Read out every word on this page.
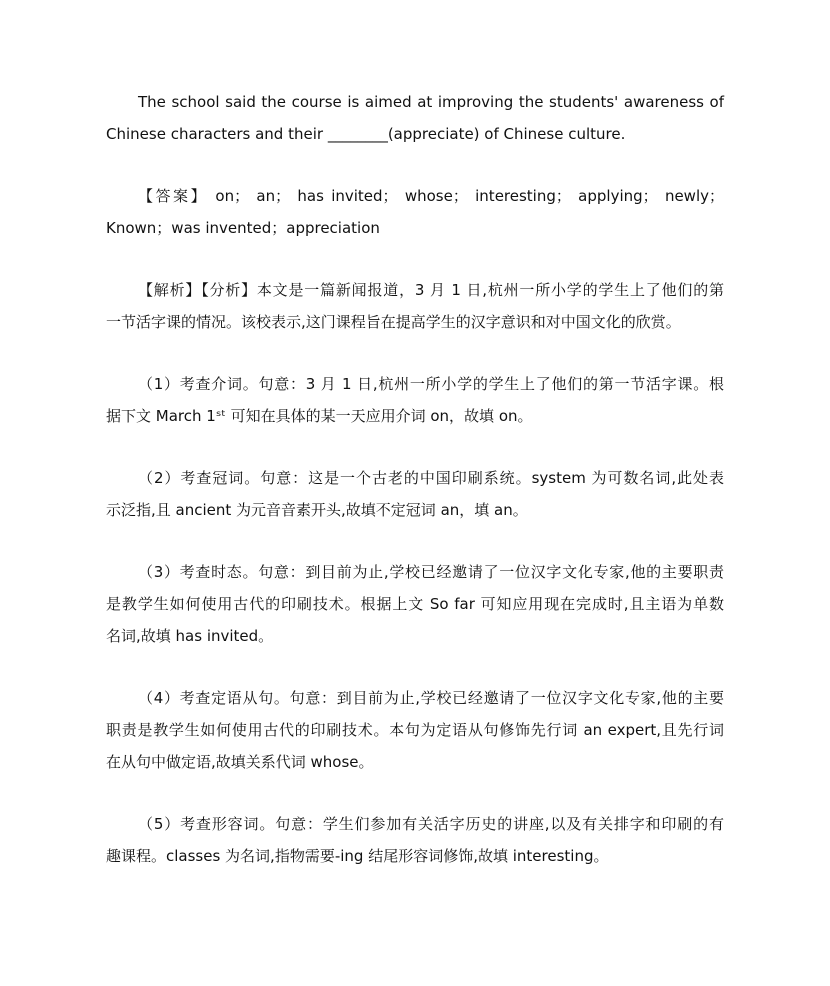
The school said the course is aimed at improving the students' awareness of
Chinese characters and their ________(appreciate) of Chinese culture.
【答案】 on； an； has invited； whose； interesting； applying； newly；
Known；was invented；appreciation
【解析】【分析】本文是一篇新闻报道，3 月 1 日,杭州一所小学的学生上了他们的第
一节活字课的情况。该校表示,这门课程旨在提高学生的汉字意识和对中国文化的欣赏。
（1）考查介词。句意：3 月 1 日,杭州一所小学的学生上了他们的第一节活字课。根
据下文 March 1ˢᵗ 可知在具体的某一天应用介词 on，故填 on。
（2）考查冠词。句意：这是一个古老的中国印刷系统。system 为可数名词,此处表
示泛指,且 ancient 为元音音素开头,故填不定冠词 an，填 an。
（3）考查时态。句意：到目前为止,学校已经邀请了一位汉字文化专家,他的主要职责
是教学生如何使用古代的印刷技术。根据上文 So far 可知应用现在完成时,且主语为单数
名词,故填 has invited。
（4）考查定语从句。句意：到目前为止,学校已经邀请了一位汉字文化专家,他的主要
职责是教学生如何使用古代的印刷技术。本句为定语从句修饰先行词 an expert,且先行词
在从句中做定语,故填关系代词 whose。
（5）考查形容词。句意：学生们参加有关活字历史的讲座,以及有关排字和印刷的有
趣课程。classes 为名词,指物需要-ing 结尾形容词修饰,故填 interesting。
